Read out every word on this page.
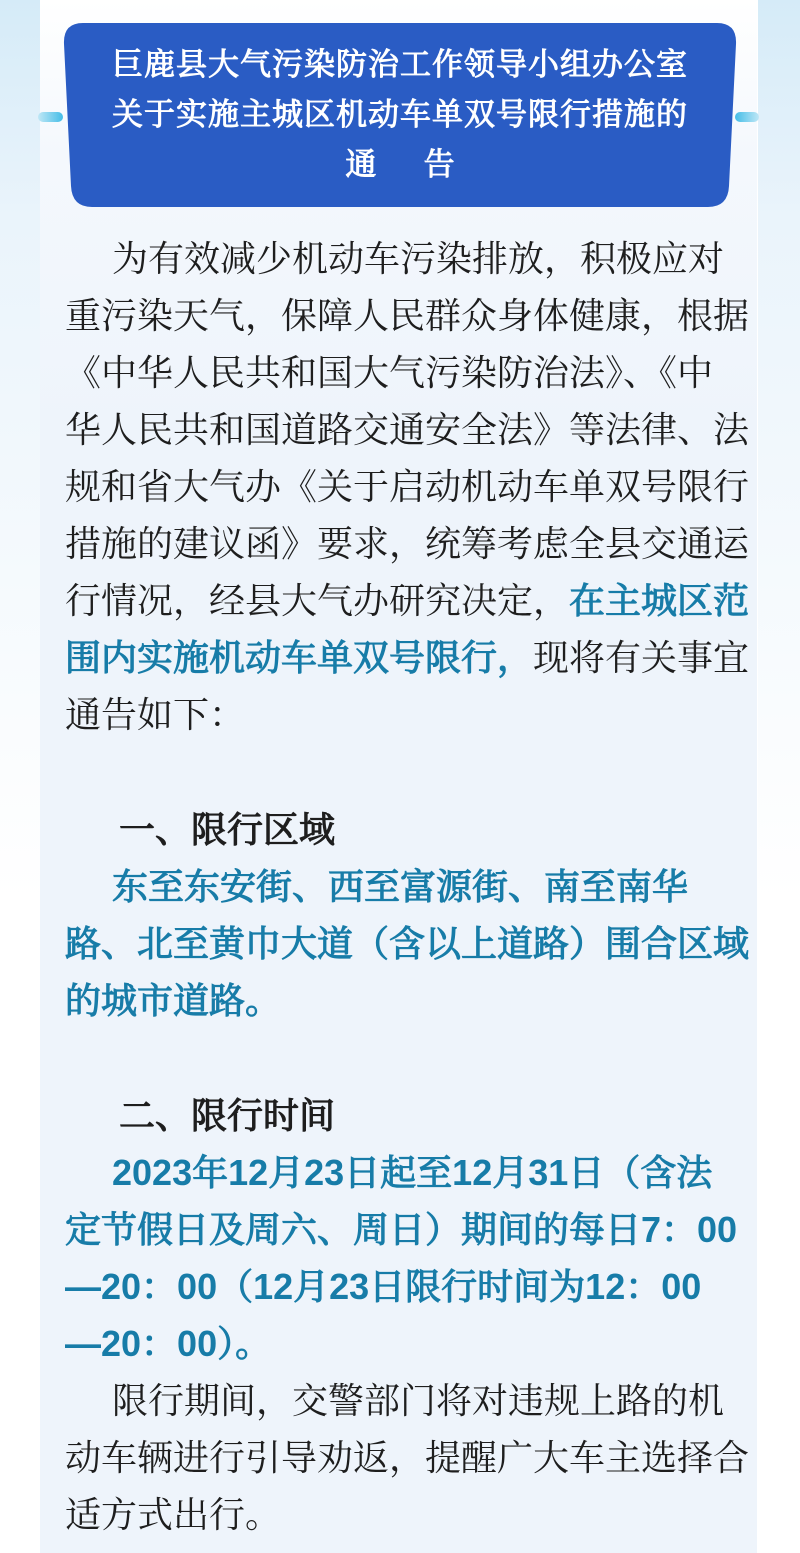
巨鹿县大气污染防治工作领导小组办公室
关于实施主城区机动车单双号限行措施的
通  告
为有效减少机动车污染排放，积极应对
重污染天气，保障人民群众身体健康，根据
《中华人民共和国大气污染防治法》、《中
华人民共和国道路交通安全法》等法律、法
规和省大气办《关于启动机动车单双号限行
措施的建议函》要求，统筹考虑全县交通运
行情况，经县大气办研究决定，在主城区范
围内实施机动车单双号限行，现将有关事宜
通告如下：
一、限行区域
东至东安街、西至富源街、南至南华
路、北至黄巾大道（含以上道路）围合区域
的城市道路。
二、限行时间
2023年12月23日起至12月31日（含法
定节假日及周六、周日）期间的每日7：00
—20：00（12月23日限行时间为12：00
—20：00）。
限行期间，交警部门将对违规上路的机
动车辆进行引导劝返，提醒广大车主选择合
适方式出行。
